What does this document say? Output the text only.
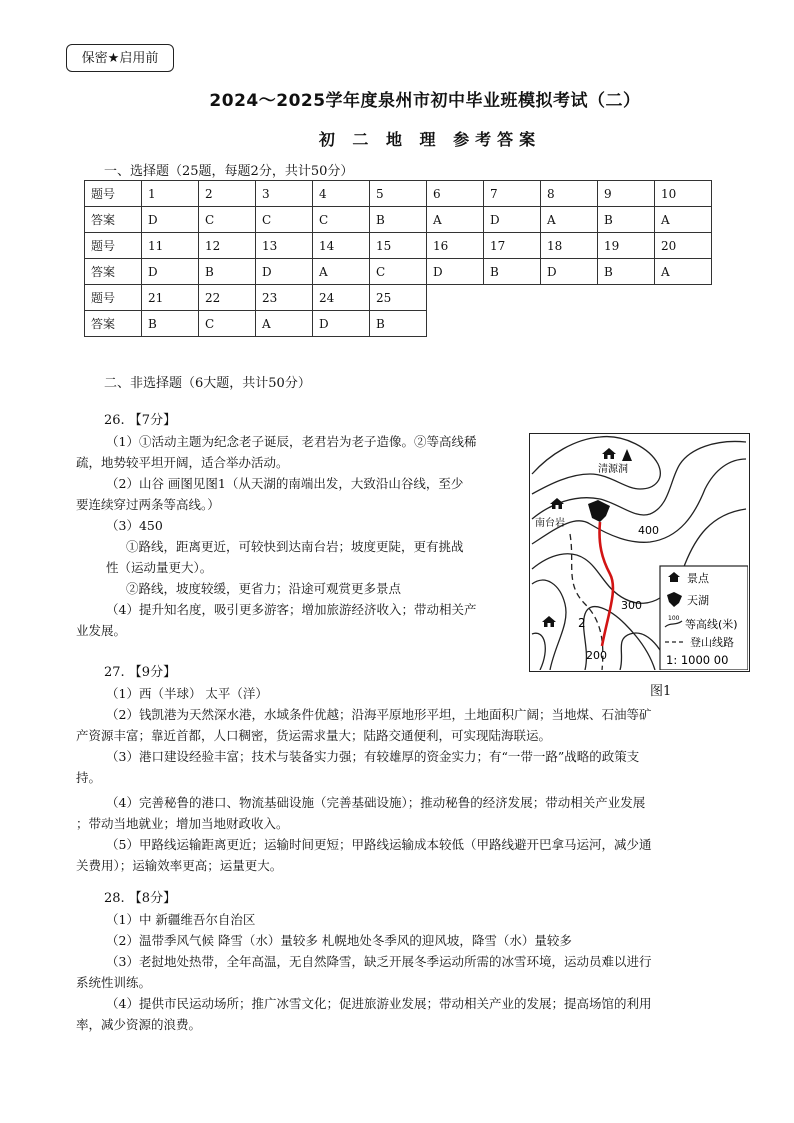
保密★启用前
2024～2025学年度泉州市初中毕业班模拟考试（二）
初 二 地 理 参考答案
一、选择题（25题，每题2分，共计50分）
题号	1	2	3	4	5	6	7	8	9	10
答案	D	C	C	C	B	A	D	A	B	A
题号	11	12	13	14	15	16	17	18	19	20
答案	D	B	D	A	C	D	B	D	B	A
题号	21	22	23	24	25					
答案	B	C	A	D	B					
二、非选择题（6大题，共计50分）

26. 【7分】

（1）①活动主题为纪念老子诞辰，老君岩为老子造像。②等高线稀

疏，地势较平坦开阔，适合举办活动。

（2）山谷 画图见图1（从天湖的南端出发，大致沿山谷线，至少

要连续穿过两条等高线。）

（3）450

①路线，距离更近，可较快到达南台岩；坡度更陡，更有挑战

性（运动量更大）。

②路线，坡度较缓，更省力；沿途可观赏更多景点

（4）提升知名度，吸引更多游客；增加旅游经济收入；带动相关产

业发展。

清源洞
南台岩
400
300
200
2
景点
天湖
100 等高线(米)
登山线路
1: 1000 00
图1

27. 【9分】

（1）西（半球） 太平（洋）

（2）钱凯港为天然深水港，水域条件优越；沿海平原地形平坦，土地面积广阔；当地煤、石油等矿

产资源丰富；靠近首都，人口稠密，货运需求量大；陆路交通便利，可实现陆海联运。

（3）港口建设经验丰富；技术与装备实力强；有较雄厚的资金实力；有“一带一路”战略的政策支

持。

（4）完善秘鲁的港口、物流基础设施（完善基础设施）；推动秘鲁的经济发展；带动相关产业发展

；带动当地就业；增加当地财政收入。

（5）甲路线运输距离更近；运输时间更短；甲路线运输成本较低（甲路线避开巴拿马运河，减少通

关费用）；运输效率更高；运量更大。

28. 【8分】

（1）中 新疆维吾尔自治区

（2）温带季风气候 降雪（水）量较多 札幌地处冬季风的迎风坡，降雪（水）量较多

（3）老挝地处热带，全年高温，无自然降雪，缺乏开展冬季运动所需的冰雪环境，运动员难以进行

系统性训练。

（4）提供市民运动场所；推广冰雪文化；促进旅游业发展；带动相关产业的发展；提高场馆的利用

率，减少资源的浪费。
